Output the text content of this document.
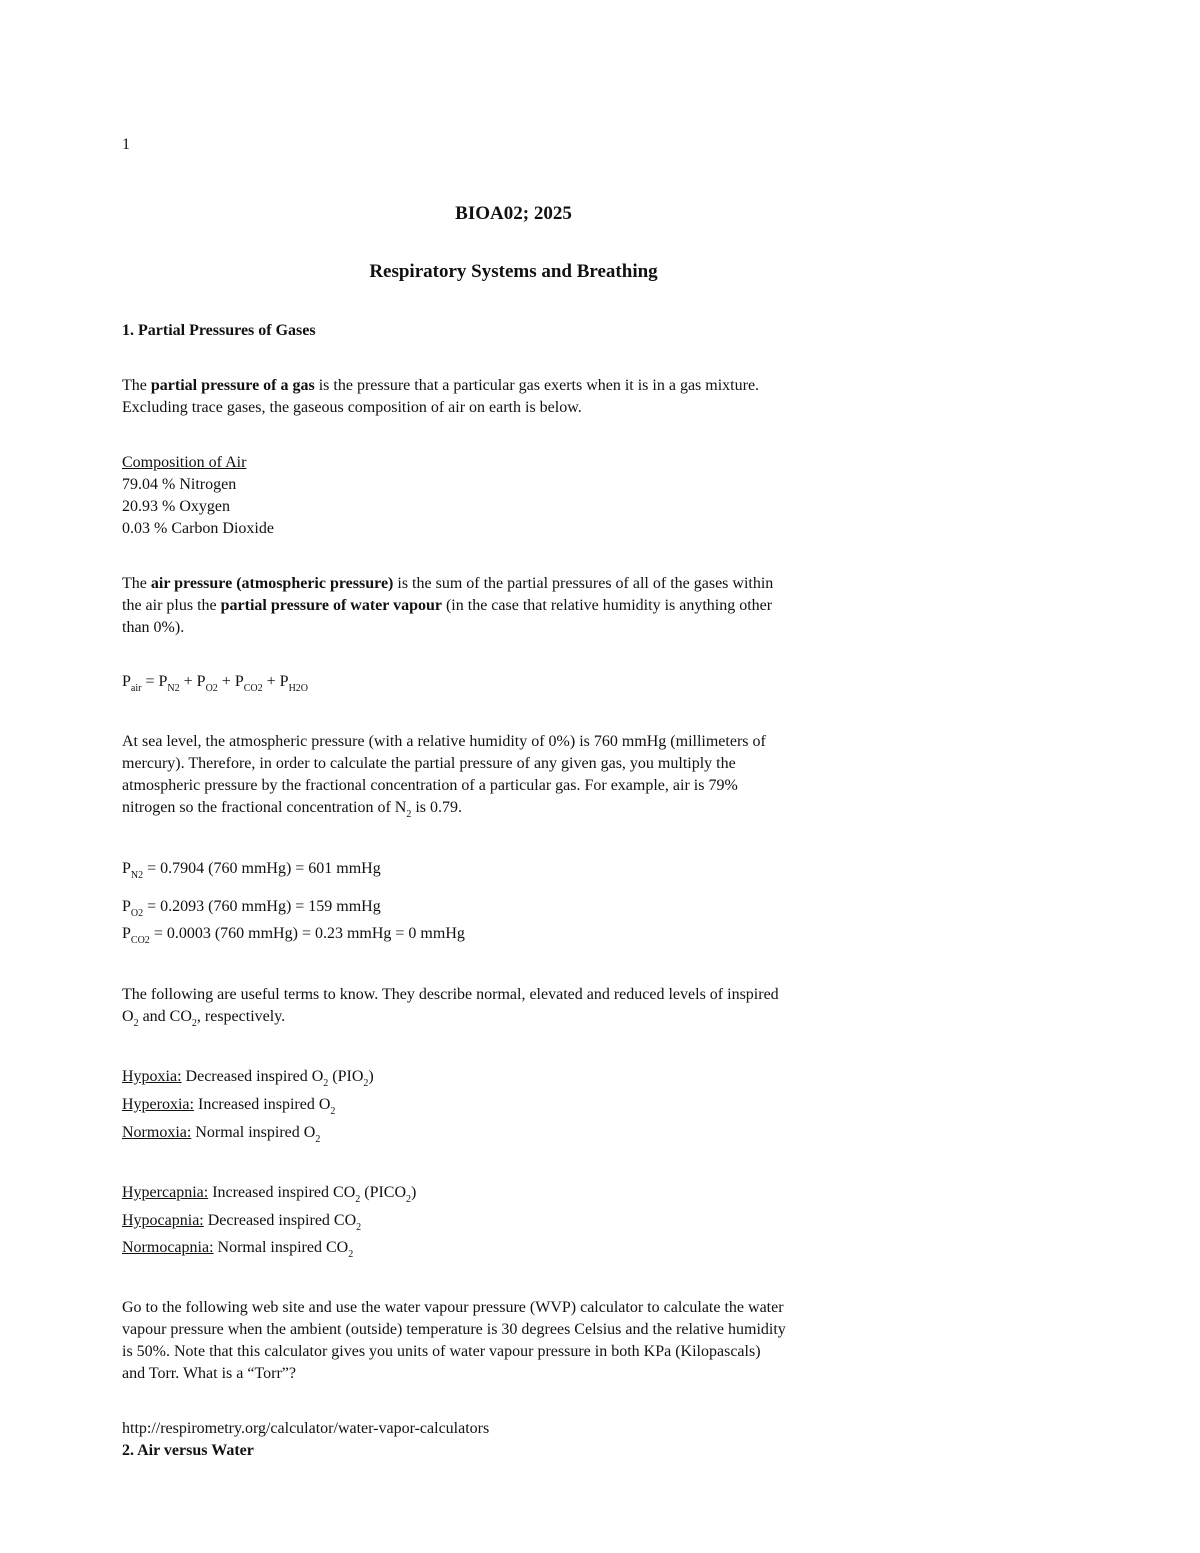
1
BIOA02; 2025
Respiratory Systems and Breathing
1. Partial Pressures of Gases
The partial pressure of a gas is the pressure that a particular gas exerts when it is in a gas mixture.
Excluding trace gases, the gaseous composition of air on earth is below.
Composition of Air
79.04 % Nitrogen
20.93 % Oxygen
0.03 % Carbon Dioxide
The air pressure (atmospheric pressure) is the sum of the partial pressures of all of the gases within
the air plus the partial pressure of water vapour (in the case that relative humidity is anything other
than 0%).
$P_{air} = P_{N2} + P_{O2} + P_{CO2} + P_{H2O}$
At sea level, the atmospheric pressure (with a relative humidity of 0%) is 760 mmHg (millimeters of
mercury). Therefore, in order to calculate the partial pressure of any given gas, you multiply the
atmospheric pressure by the fractional concentration of a particular gas. For example, air is 79%
nitrogen so the fractional concentration of $N_2$ is 0.79.
$P_{N2} = 0.7904$ (760 mmHg) = 601 mmHg
$P_{O2} = 0.2093$ (760 mmHg) = 159 mmHg
$P_{CO2} = 0.0003$ (760 mmHg) = 0.23 mmHg = 0 mmHg
The following are useful terms to know. They describe normal, elevated and reduced levels of inspired
$O_2$ and $CO_2$, respectively.
Hypoxia: Decreased inspired $O_2$ $(PIO_2)$
Hyperoxia: Increased inspired $O_2$
Normoxia: Normal inspired $O_2$
Hypercapnia: Increased inspired $CO_2$ $(PICO_2)$
Hypocapnia: Decreased inspired $CO_2$
Normocapnia: Normal inspired $CO_2$
Go to the following web site and use the water vapour pressure (WVP) calculator to calculate the water
vapour pressure when the ambient (outside) temperature is 30 degrees Celsius and the relative humidity
is 50%. Note that this calculator gives you units of water vapour pressure in both KPa (Kilopascals)
and Torr. What is a “Torr”?
http://respirometry.org/calculator/water-vapor-calculators
2. Air versus Water
